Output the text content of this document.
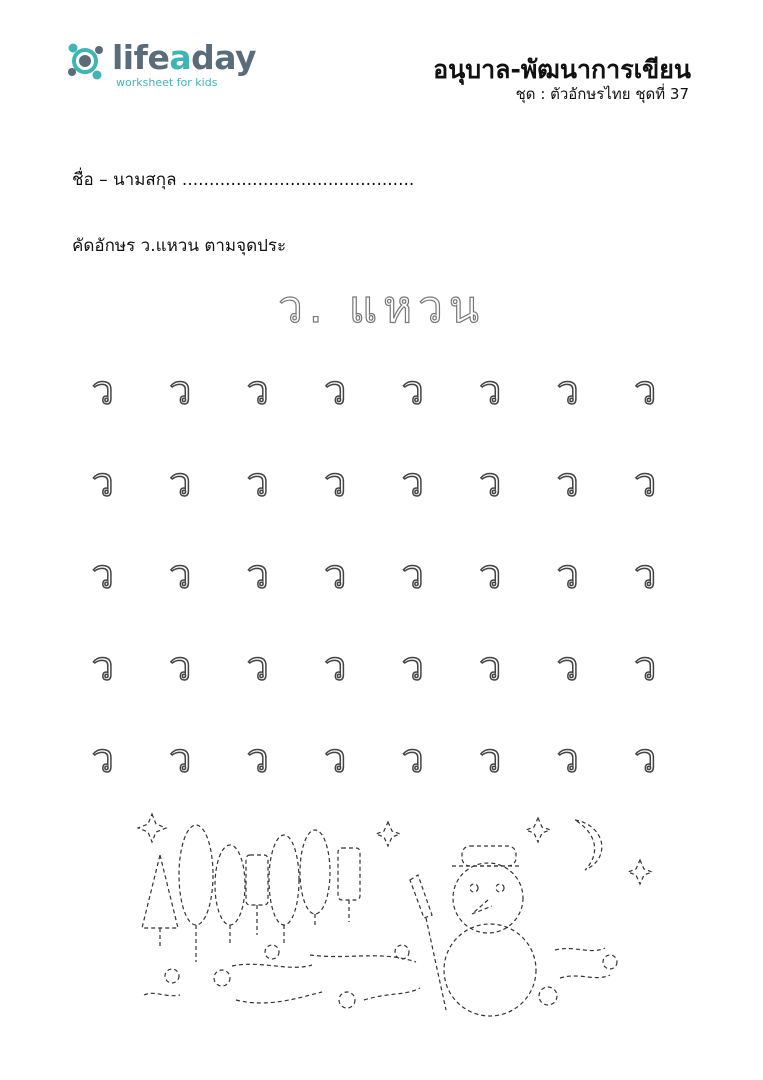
lifeaday
worksheet for kids	อนุบาล-พัฒนาการเขียน
ชุด : ตัวอักษรไทย ชุดที่ 37
ชื่อ – นามสกุล ...........................................
คัดอักษร ว.แหวน ตามจุดประ
ว. แหวน
ว	ว	ว	ว	ว	ว	ว	ว
ว	ว	ว	ว	ว	ว	ว	ว
ว	ว	ว	ว	ว	ว	ว	ว
ว	ว	ว	ว	ว	ว	ว	ว
ว	ว	ว	ว	ว	ว	ว	ว
